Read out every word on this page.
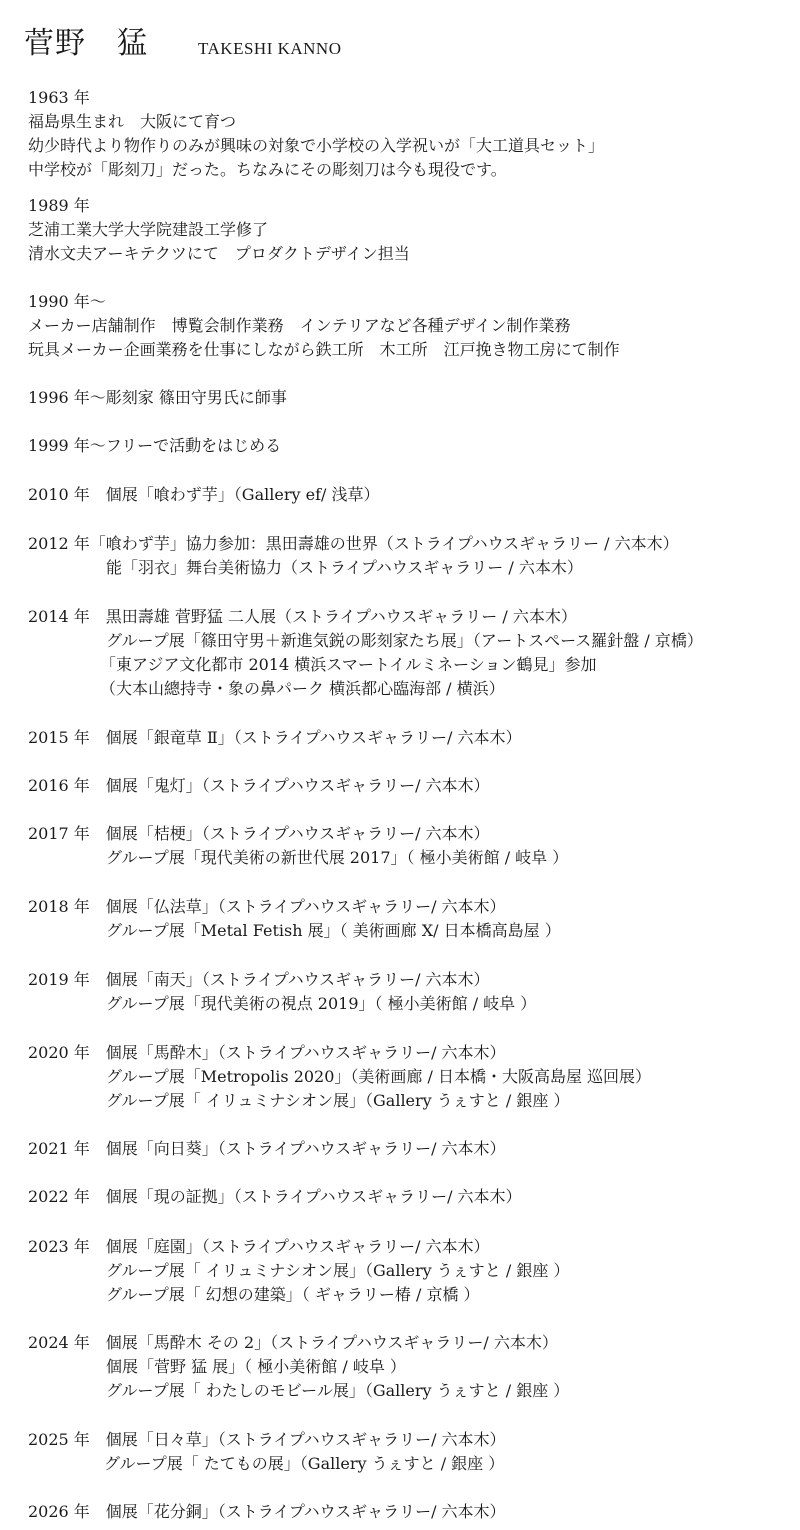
菅野　猛	TAKESHI KANNO
1963 年
福島県生まれ　大阪にて育つ
幼少時代より物作りのみが興味の対象で小学校の入学祝いが「大工道具セット」
中学校が「彫刻刀」だった。ちなみにその彫刻刀は今も現役です。
1989 年
芝浦工業大学大学院建設工学修了
清水文夫アーキテクツにて　プロダクトデザイン担当
1990 年～
メーカー店舗制作　博覧会制作業務　インテリアなど各種デザイン制作業務
玩具メーカー企画業務を仕事にしながら鉄工所　木工所　江戸挽き物工房にて制作
1996 年～彫刻家 篠田守男氏に師事
1999 年～フリーで活動をはじめる
2010 年　個展「喰わず芋」（Gallery ef/ 浅草）
2012 年「喰わず芋」協力参加：黒田壽雄の世界（ストライプハウスギャラリー / 六本木）
能「羽衣」舞台美術協力（ストライプハウスギャラリー / 六本木）
2014 年　黒田壽雄 菅野猛 二人展（ストライプハウスギャラリー / 六本木）
グループ展「篠田守男＋新進気鋭の彫刻家たち展」（アートスペース羅針盤 / 京橋）
「東アジア文化都市 2014 横浜スマートイルミネーション鶴見」参加
（大本山總持寺・象の鼻パーク 横浜都心臨海部 / 横浜）
2015 年　個展「銀竜草 Ⅱ」（ストライプハウスギャラリー/ 六本木）
2016 年　個展「鬼灯」（ストライプハウスギャラリー/ 六本木）
2017 年　個展「桔梗」（ストライプハウスギャラリー/ 六本木）
グループ展「現代美術の新世代展 2017」（ 極小美術館 / 岐阜 ）
2018 年　個展「仏法草」（ストライプハウスギャラリー/ 六本木）
グループ展「Metal Fetish 展」（ 美術画廊 X/ 日本橋高島屋 ）
2019 年　個展「南天」（ストライプハウスギャラリー/ 六本木）
グループ展「現代美術の視点 2019」（ 極小美術館 / 岐阜 ）
2020 年　個展「馬酔木」（ストライプハウスギャラリー/ 六本木）
グループ展「Metropolis 2020」（美術画廊 / 日本橋・大阪高島屋 巡回展）
グループ展「 イリュミナシオン展」（Gallery うぇすと / 銀座 ）
2021 年　個展「向日葵」（ストライプハウスギャラリー/ 六本木）
2022 年　個展「現の証拠」（ストライプハウスギャラリー/ 六本木）
2023 年　個展「庭園」（ストライプハウスギャラリー/ 六本木）
グループ展「 イリュミナシオン展」（Gallery うぇすと / 銀座 ）
グループ展「 幻想の建築」（ ギャラリー椿 / 京橋 ）
2024 年　個展「馬酔木 その 2」（ストライプハウスギャラリー/ 六本木）
個展「菅野 猛 展」（ 極小美術館 / 岐阜 ）
グループ展「 わたしのモビール展」（Gallery うぇすと / 銀座 ）
2025 年　個展「日々草」（ストライプハウスギャラリー/ 六本木）
グループ展「 たてもの展」（Gallery うぇすと / 銀座 ）
2026 年　個展「花分銅」（ストライプハウスギャラリー/ 六本木）
